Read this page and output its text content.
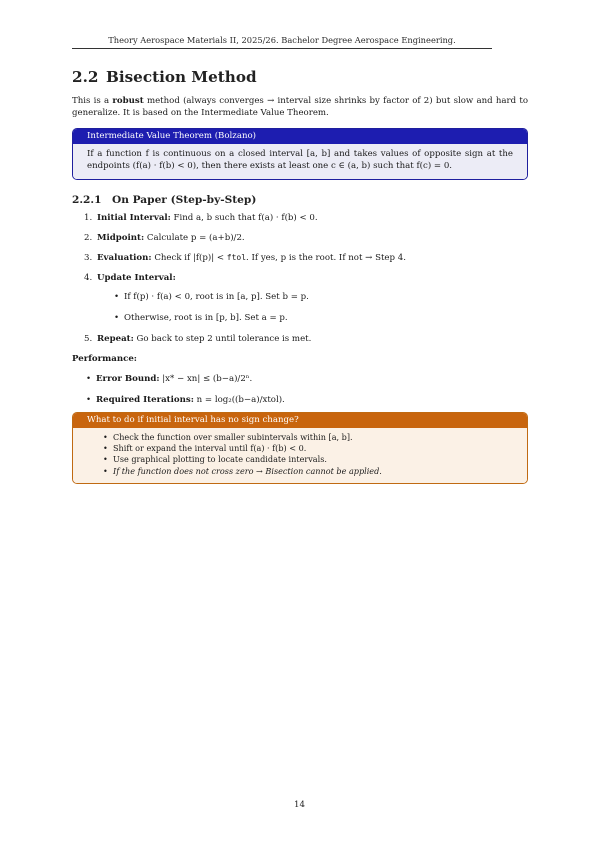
Theory Aerospace Materials II, 2025/26. Bachelor Degree Aerospace Engineering.
2.2 Bisection Method

This is a robust method (always converges → interval size shrinks by factor of 2) but slow and hard to generalize. It is based on the Intermediate Value Theorem.

Intermediate Value Theorem (Bolzano)
If a function f is continuous on a closed interval [a, b] and takes values of opposite sign at the endpoints (f(a) · f(b) < 0), then there exists at least one c ∈ (a, b) such that f(c) = 0.
2.2.1 On Paper (Step-by-Step)
1. Initial Interval: Find a, b such that f(a) · f(b) < 0.
2. Midpoint: Calculate p = (a+b)/2.
3. Evaluation: Check if |f(p)| < ftol. If yes, p is the root. If not → Step 4.
4. Update Interval:
• If f(p) · f(a) < 0, root is in [a, p]. Set b = p.
• Otherwise, root is in [p, b]. Set a = p.
5. Repeat: Go back to step 2 until tolerance is met.
Performance:
• Error Bound: |x* − xn| ≤ (b−a)/2ⁿ.
• Required Iterations: n = log₂((b−a)/xtol).
What to do if initial interval has no sign change?
• Check the function over smaller subintervals within [a, b].
• Shift or expand the interval until f(a) · f(b) < 0.
• Use graphical plotting to locate candidate intervals.
• If the function does not cross zero → Bisection cannot be applied.
14
